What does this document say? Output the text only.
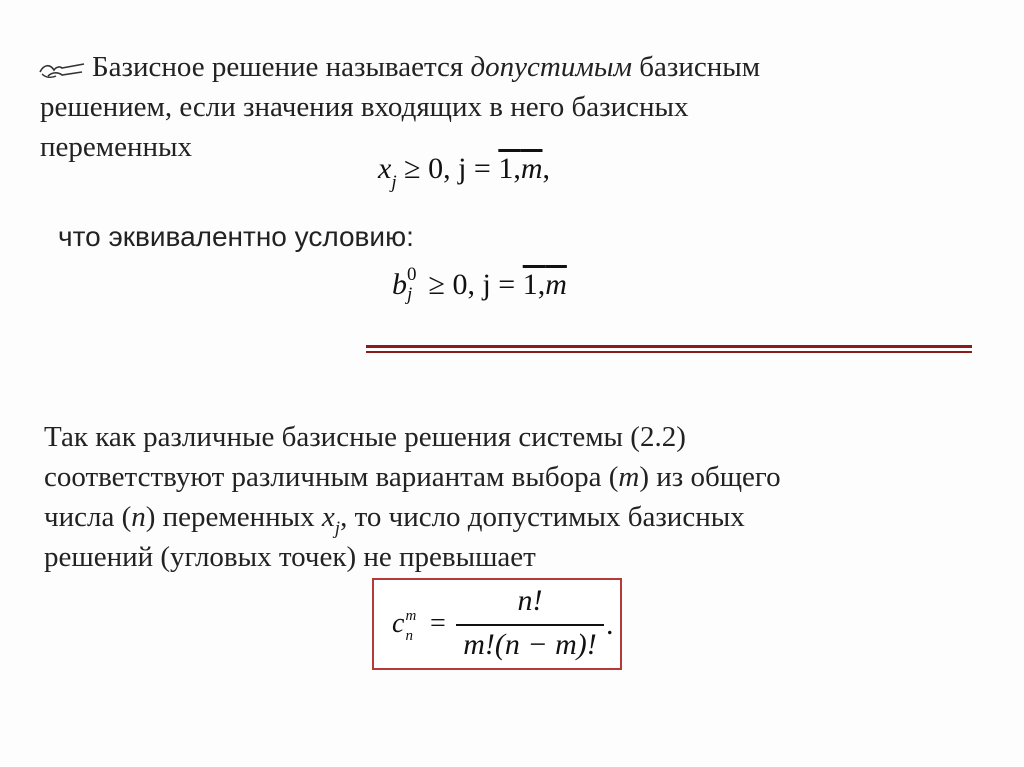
Базисное решение называется допустимым базисным
решением, если значения входящих в него базисных
переменных
$x_j \ge 0$, j = 1,m,
что эквивалентно условию:
b 0
j ≥ 0, j = 1,m
Так как различные базисные решения системы (2.2)
соответствуют различным вариантам выбора (m) из общего
числа (n) переменных $x_j$, то число допустимых базисных
решений (угловых точек) не превышает
c m
n =
n!
m!(n − m)!
.
